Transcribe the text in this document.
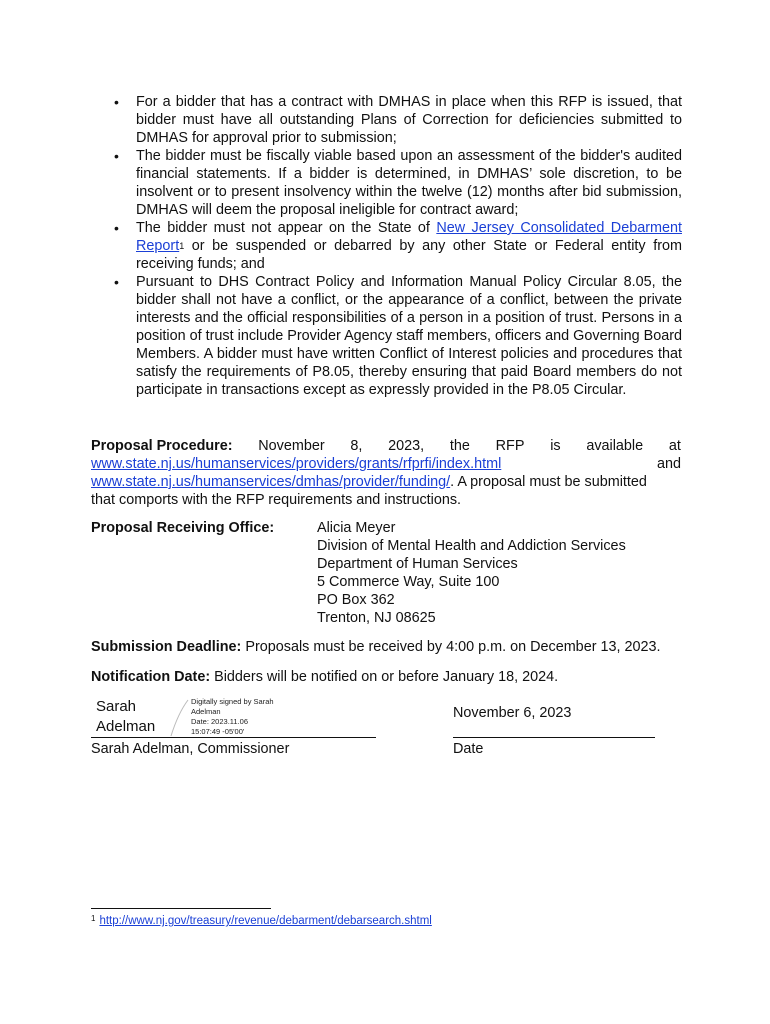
• For a bidder that has a contract with DMHAS in place when this RFP is issued, that bidder must have all outstanding Plans of Correction for deficiencies submitted to DMHAS for approval prior to submission;
• The bidder must be fiscally viable based upon an assessment of the bidder's audited financial statements. If a bidder is determined, in DMHAS’ sole discretion, to be insolvent or to present insolvency within the twelve (12) months after bid submission, DMHAS will deem the proposal ineligible for contract award;
• The bidder must not appear on the State of New Jersey Consolidated Debarment Report$^1$ or be suspended or debarred by any other State or Federal entity from receiving funds; and
• Pursuant to DHS Contract Policy and Information Manual Policy Circular 8.05, the bidder shall not have a conflict, or the appearance of a conflict, between the private interests and the official responsibilities of a person in a position of trust. Persons in a position of trust include Provider Agency staff members, officers and Governing Board Members. A bidder must have written Conflict of Interest policies and procedures that satisfy the requirements of P8.05, thereby ensuring that paid Board members do not participate in transactions except as expressly provided in the P8.05 Circular.
Proposal Procedure: November 8, 2023, the RFP is available at
www.state.nj.us/humanservices/providers/grants/rfprfi/index.html	and
www.state.nj.us/humanservices/dmhas/provider/funding/. A proposal must be submitted
that comports with the RFP requirements and instructions.
Proposal Receiving Office:	Alicia Meyer
Division of Mental Health and Addiction Services
Department of Human Services
5 Commerce Way, Suite 100
PO Box 362
Trenton, NJ 08625
Submission Deadline: Proposals must be received by 4:00 p.m. on December 13, 2023.
Notification Date: Bidders will be notified on or before January 18, 2024.
Sarah
Adelman
Digitally signed by Sarah
Adelman
Date: 2023.11.06
15:07:49 -05'00'
November 6, 2023
Sarah Adelman, Commissioner	Date
$^1$ http://www.nj.gov/treasury/revenue/debarment/debarsearch.shtml
